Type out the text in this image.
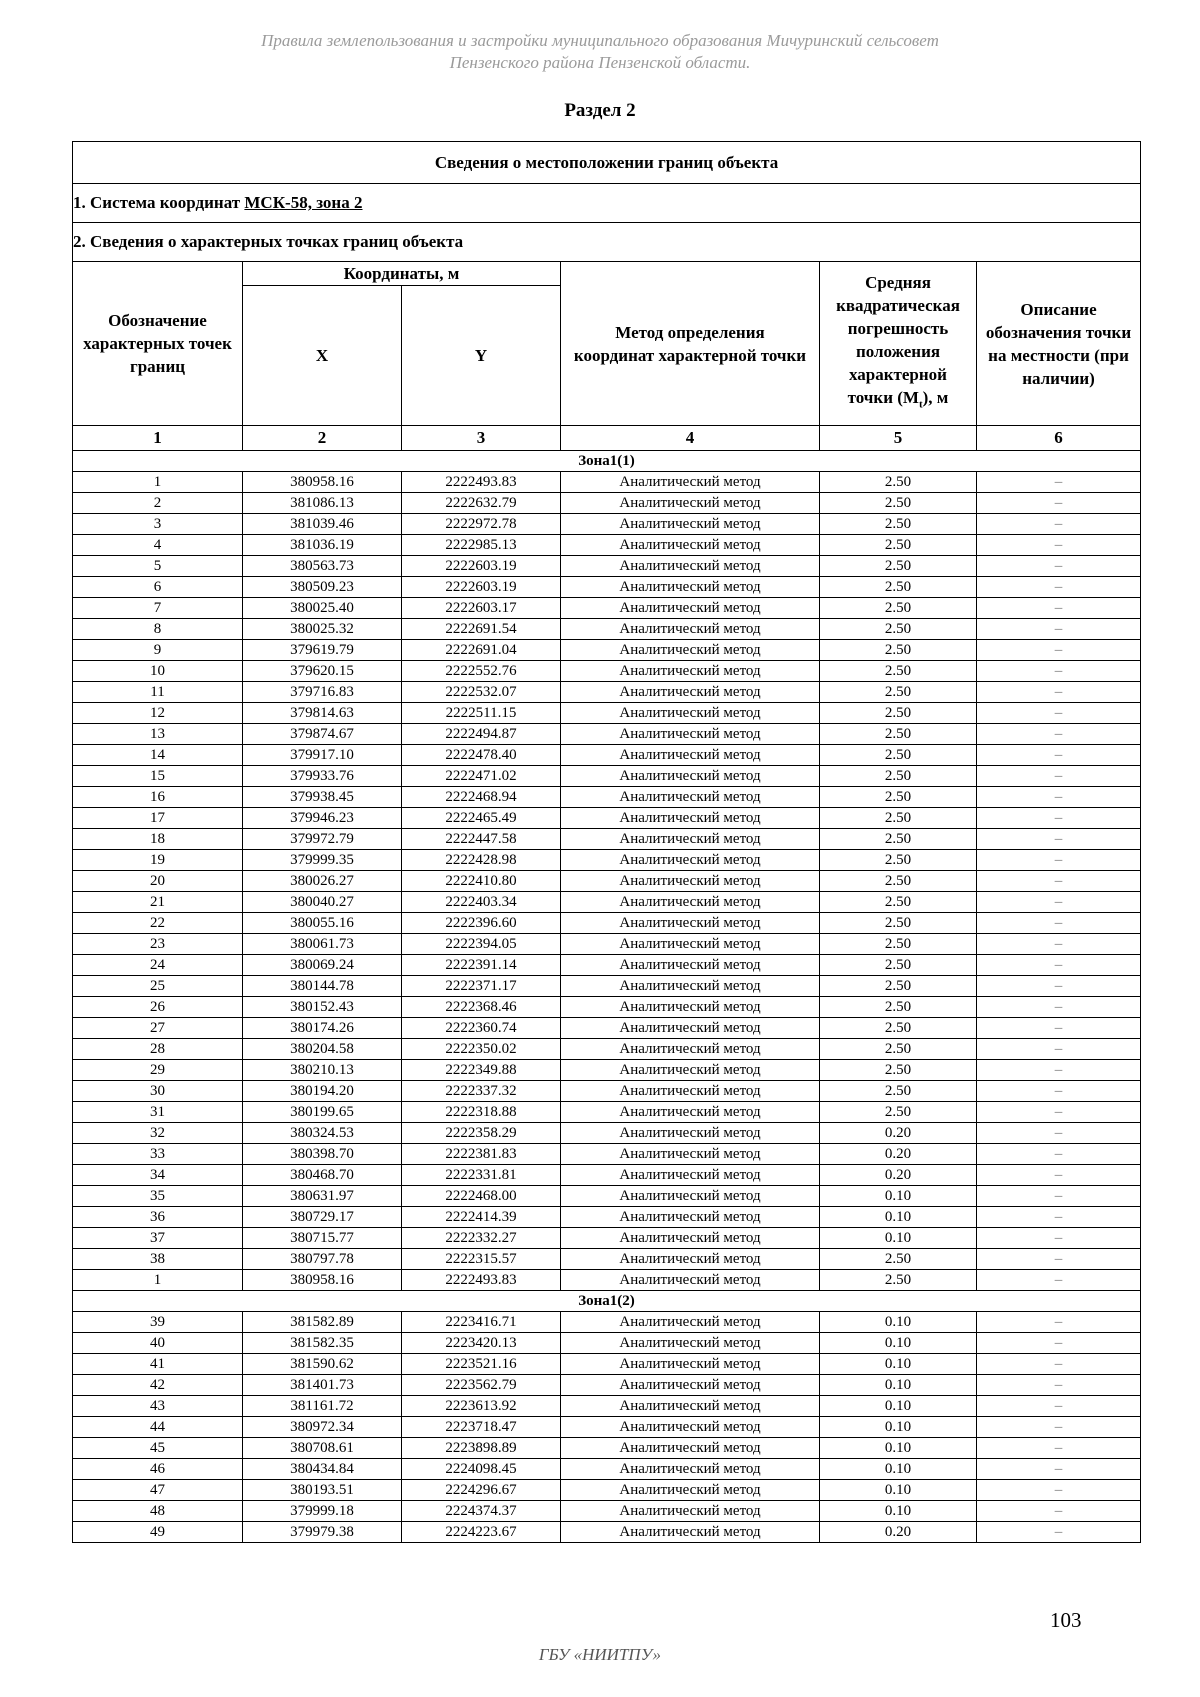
Правила землепользования и застройки муниципального образования Мичуринский сельсовет
Пензенского района Пензенской области.
Раздел 2
Сведения о местоположении границ объекта					
1. Система координат МСК-58, зона 2					
2. Сведения о характерных точках границ объекта					
Обозначение характерных точек границ	Координаты, м		Метод определения координат характерной точки	Средняя квадратическая погрешность положения характерной точки $(M_t)$, м	Описание обозначения точки на местности (при наличии)
	X	Y			
1	2	3	4	5	6
Зона1(1)					
1	380958.16	2222493.83	Аналитический метод	2.50	–
2	381086.13	2222632.79	Аналитический метод	2.50	–
3	381039.46	2222972.78	Аналитический метод	2.50	–
4	381036.19	2222985.13	Аналитический метод	2.50	–
5	380563.73	2222603.19	Аналитический метод	2.50	–
6	380509.23	2222603.19	Аналитический метод	2.50	–
7	380025.40	2222603.17	Аналитический метод	2.50	–
8	380025.32	2222691.54	Аналитический метод	2.50	–
9	379619.79	2222691.04	Аналитический метод	2.50	–
10	379620.15	2222552.76	Аналитический метод	2.50	–
11	379716.83	2222532.07	Аналитический метод	2.50	–
12	379814.63	2222511.15	Аналитический метод	2.50	–
13	379874.67	2222494.87	Аналитический метод	2.50	–
14	379917.10	2222478.40	Аналитический метод	2.50	–
15	379933.76	2222471.02	Аналитический метод	2.50	–
16	379938.45	2222468.94	Аналитический метод	2.50	–
17	379946.23	2222465.49	Аналитический метод	2.50	–
18	379972.79	2222447.58	Аналитический метод	2.50	–
19	379999.35	2222428.98	Аналитический метод	2.50	–
20	380026.27	2222410.80	Аналитический метод	2.50	–
21	380040.27	2222403.34	Аналитический метод	2.50	–
22	380055.16	2222396.60	Аналитический метод	2.50	–
23	380061.73	2222394.05	Аналитический метод	2.50	–
24	380069.24	2222391.14	Аналитический метод	2.50	–
25	380144.78	2222371.17	Аналитический метод	2.50	–
26	380152.43	2222368.46	Аналитический метод	2.50	–
27	380174.26	2222360.74	Аналитический метод	2.50	–
28	380204.58	2222350.02	Аналитический метод	2.50	–
29	380210.13	2222349.88	Аналитический метод	2.50	–
30	380194.20	2222337.32	Аналитический метод	2.50	–
31	380199.65	2222318.88	Аналитический метод	2.50	–
32	380324.53	2222358.29	Аналитический метод	0.20	–
33	380398.70	2222381.83	Аналитический метод	0.20	–
34	380468.70	2222331.81	Аналитический метод	0.20	–
35	380631.97	2222468.00	Аналитический метод	0.10	–
36	380729.17	2222414.39	Аналитический метод	0.10	–
37	380715.77	2222332.27	Аналитический метод	0.10	–
38	380797.78	2222315.57	Аналитический метод	2.50	–
1	380958.16	2222493.83	Аналитический метод	2.50	–
Зона1(2)					
39	381582.89	2223416.71	Аналитический метод	0.10	–
40	381582.35	2223420.13	Аналитический метод	0.10	–
41	381590.62	2223521.16	Аналитический метод	0.10	–
42	381401.73	2223562.79	Аналитический метод	0.10	–
43	381161.72	2223613.92	Аналитический метод	0.10	–
44	380972.34	2223718.47	Аналитический метод	0.10	–
45	380708.61	2223898.89	Аналитический метод	0.10	–
46	380434.84	2224098.45	Аналитический метод	0.10	–
47	380193.51	2224296.67	Аналитический метод	0.10	–
48	379999.18	2224374.37	Аналитический метод	0.10	–
49	379979.38	2224223.67	Аналитический метод	0.20	–
103
ГБУ «НИИТПУ»
